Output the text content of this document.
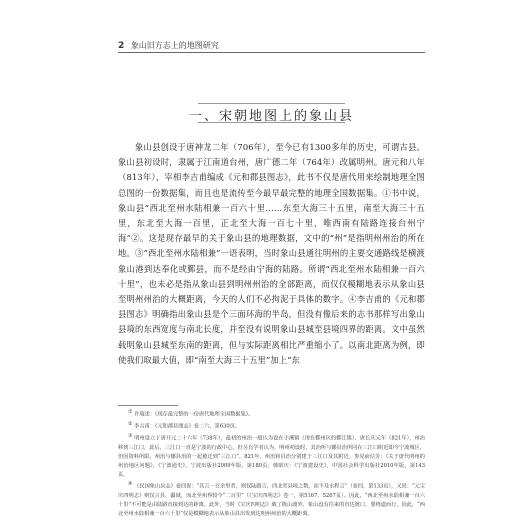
2 象山旧方志上的地图研究
一、宋朝地图上的象山县

象山县创设于唐神龙二年（706年），至今已有1300多年的历史，可谓古县。象山县初设时，隶属于江南道台州，唐广德二年（764年）改属明州。唐元和八年（813年），宰相李吉甫编成《元和郡县图志》，此书不仅是唐代用来绘制地理全图总图的一份数据集，而且也是流传至今最早最完整的地理全国数据集。①书中说，象山县“西北至州水陆相兼一百六十里……东至大海三十五里，南至大海三十五里，东北至大海一百里，正北至大海一百七十里，唯西南有陆路连接台州宁海”②。这是现存最早的关于象山县的地理数据，文中的“州”是指明州州治的所在地。③“西北至州水陆相兼”一语表明，当时象山县通往明州的主要交通路线是横渡象山港到达奉化或鄞县，而不是经由宁海的陆路。所谓“西北至州水陆相兼一百六十里”，也未必是指从象山县到明州州治的全部距离，而仅仅模糊地表示从象山县至明州州治的大概距离，今天的人们不必拘泥于具体的数字。④李吉甫的《元和郡县图志》明确指出象山县是个三面环海的半岛，但没有像后来的志书那样写出象山县境的东西宽度与南北长度，并至没有说明象山县城至县境四界的距离。文中虽然载明象山县城至东南的距离，但与实际距离相比严重缩小了。以南北距离为例，即使我们取最大值，即“南至大海三十五里”加上“东

① 许瑞述：《现存最完整的一份唐代地理全国数据集》。

② 李吉甫：《元和郡县图志》卷二六，第630页。

③ 明州设立于唐开元二十六年（738年），最初的州治一般认为设在小溪镇（现在鄞州区的鄞江镇），唐长庆元年（821年），州治移到三江口，此后，三江口一直是宁波的行政中心。但另有学者认为，明州初设时，其治所与鄮县治所同在三江口附近即今宁波城区，但因资料所限，州治与鄮县治的一起被迁到“三江口”，821年，州治和县治分别建于三江口及其附近。参见俞信芳：《关于唐代明州的州治地区问题》，《宁波通史》，宁波出版社2009年版，第180页；韩昭庆：《宁波建设史》，中国社会科学出版社2010年版，第143页。

④ 《民国象山县志》卷四说：“其言一百余里者，则仅陆路言，西北至县境之数，而不及水程言”（卷四，第133页），又说：“元宝庆四明志》则仅言县，疆域，而北至州界较今“二百里”（《宝庆四明志》卷一，第5167、5267页）。因此，“西北至州水陆相兼一百六十里”不可能是由陆路直接到达的距离。此外，当时《宝庆四明志》载了陈山渡外，象山没有往来的直达渡口，要绕道而行，因此，“西北至州水陆相兼一百六十里”仅是模糊地表示从象山县出发到达明州州治的大概距离。
